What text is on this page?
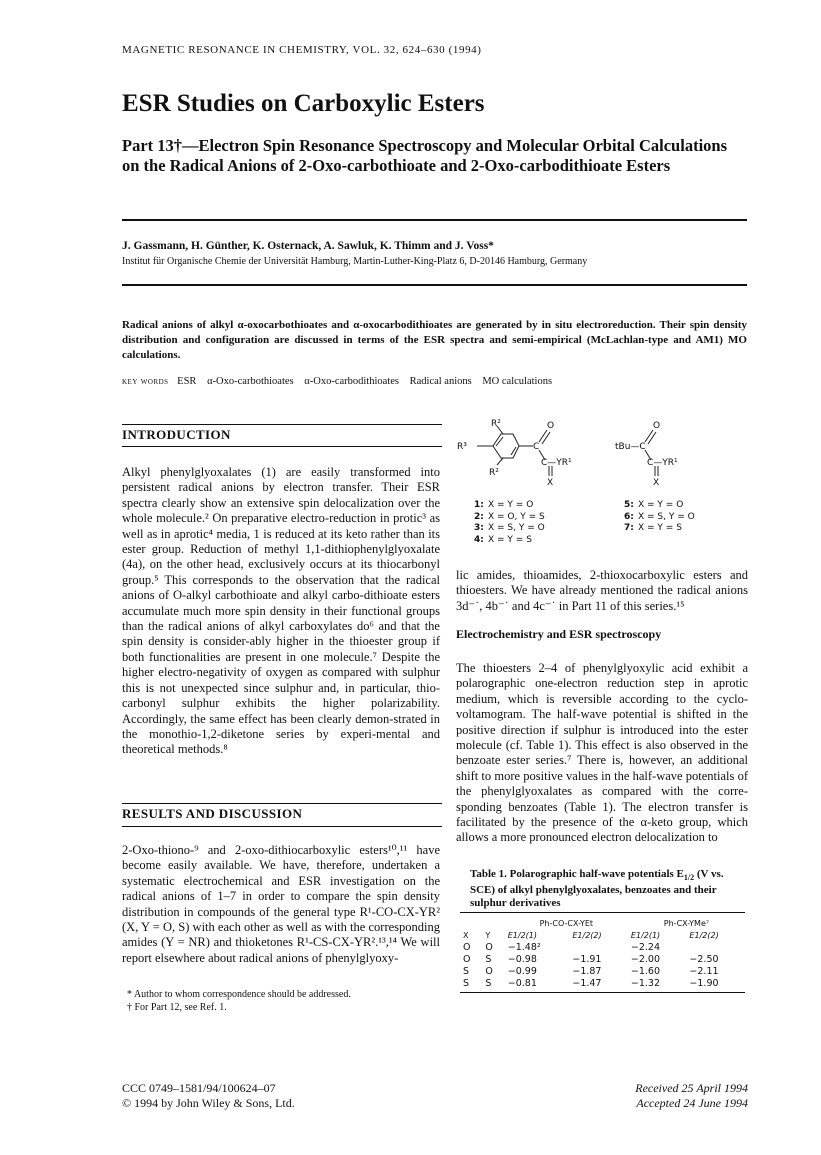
MAGNETIC RESONANCE IN CHEMISTRY, VOL. 32, 624–630 (1994)
ESR Studies on Carboxylic Esters
Part 13†—Electron Spin Resonance Spectroscopy and Molecular Orbital Calculations on the Radical Anions of 2-Oxo-carbothioate and 2-Oxo-carbodithioate Esters
J. Gassmann, H. Günther, K. Osternack, A. Sawluk, K. Thimm and J. Voss*
Institut für Organische Chemie der Universität Hamburg, Martin-Luther-King-Platz 6, D-20146 Hamburg, Germany
Radical anions of alkyl α-oxocarbothioates and α-oxocarbodithioates are generated by in situ electroreduction. Their spin density distribution and configuration are discussed in terms of the ESR spectra and semi-empirical (McLachlan-type and AM1) MO calculations.
key words ESR α-Oxo-carbothioates α-Oxo-carbodithioates Radical anions MO calculations
INTRODUCTION

Alkyl phenylglyoxalates (1) are easily transformed into persistent radical anions by electron transfer. Their ESR spectra clearly show an extensive spin delocalization over the whole molecule.² On preparative electro-reduction in protic³ as well as in aprotic⁴ media, 1 is reduced at its keto rather than its ester group. Reduction of methyl 1,1-dithiophenylglyoxalate (4a), on the other head, exclusively occurs at its thiocarbonyl group.⁵ This corresponds to the observation that the radical anions of O-alkyl carbothioate and alkyl carbo-dithioate esters accumulate much more spin density in their functional groups than the radical anions of alkyl carboxylates do⁶ and that the spin density is consider-ably higher in the thioester group if both functionalities are present in one molecule.⁷ Despite the higher electro-negativity of oxygen as compared with sulphur this is not unexpected since sulphur and, in particular, thio-carbonyl sulphur exhibits the higher polarizability. Accordingly, the same effect has been clearly demon-strated in the monothio-1,2-diketone series by experi-mental and theoretical methods.⁸

RESULTS AND DISCUSSION

2-Oxo-thiono-⁹ and 2-oxo-dithiocarboxylic esters¹⁰,¹¹ have become easily available. We have, therefore, undertaken a systematic electrochemical and ESR investigation on the radical anions of 1–7 in order to compare the spin density distribution in compounds of the general type R¹-CO-CX-YR² (X, Y = O, S) with each other as well as with the corresponding amides (Y = NR) and thioketones R¹-CS-CX-YR².¹³,¹⁴ We will report elsewhere about radical anions of phenylglyoxy-

* Author to whom correspondence should be addressed.
† For Part 12, see Ref. 1.
R²
R³
R²
C
O
C—YR¹
X
O
tBu—C
C—YR¹
X
1: X = Y = O
2: X = O, Y = S
3: X = S, Y = O
4: X = Y = S
5: X = Y = O
6: X = S, Y = O
7: X = Y = S

lic amides, thioamides, 2-thioxocarboxylic esters and thioesters. We have already mentioned the radical anions 3d⁻˙, 4b⁻˙ and 4c⁻˙ in Part 11 of this series.¹⁵

Electrochemistry and ESR spectroscopy

The thioesters 2–4 of phenylglyoxylic acid exhibit a polarographic one-electron reduction step in aprotic medium, which is reversible according to the cyclo-voltamogram. The half-wave potential is shifted in the positive direction if sulphur is introduced into the ester molecule (cf. Table 1). This effect is also observed in the benzoate ester series.⁷ There is, however, an additional shift to more positive values in the half-wave potentials of the phenylglyoxalates as compared with the corre-sponding benzoates (Table 1). The electron transfer is facilitated by the presence of the α-keto group, which allows a more pronounced electron delocalization to

Table 1. Polarographic half-wave potentials $E_{1/2}$ (V vs. SCE) of alkyl phenylglyoxalates, benzoates and their sulphur derivatives
		Ph-CO-CX-YEt		Ph-CX-YMe⁷	
X	Y	E1/2(1)	E1/2(2)	E1/2(1)	E1/2(2)
O	O	−1.48²		−2.24	
O	S	−0.98	−1.91	−2.00	−2.50
S	O	−0.99	−1.87	−1.60	−2.11
S	S	−0.81	−1.47	−1.32	−1.90
CCC 0749–1581/94/100624–07
© 1994 by John Wiley & Sons, Ltd.
Received 25 April 1994
Accepted 24 June 1994
